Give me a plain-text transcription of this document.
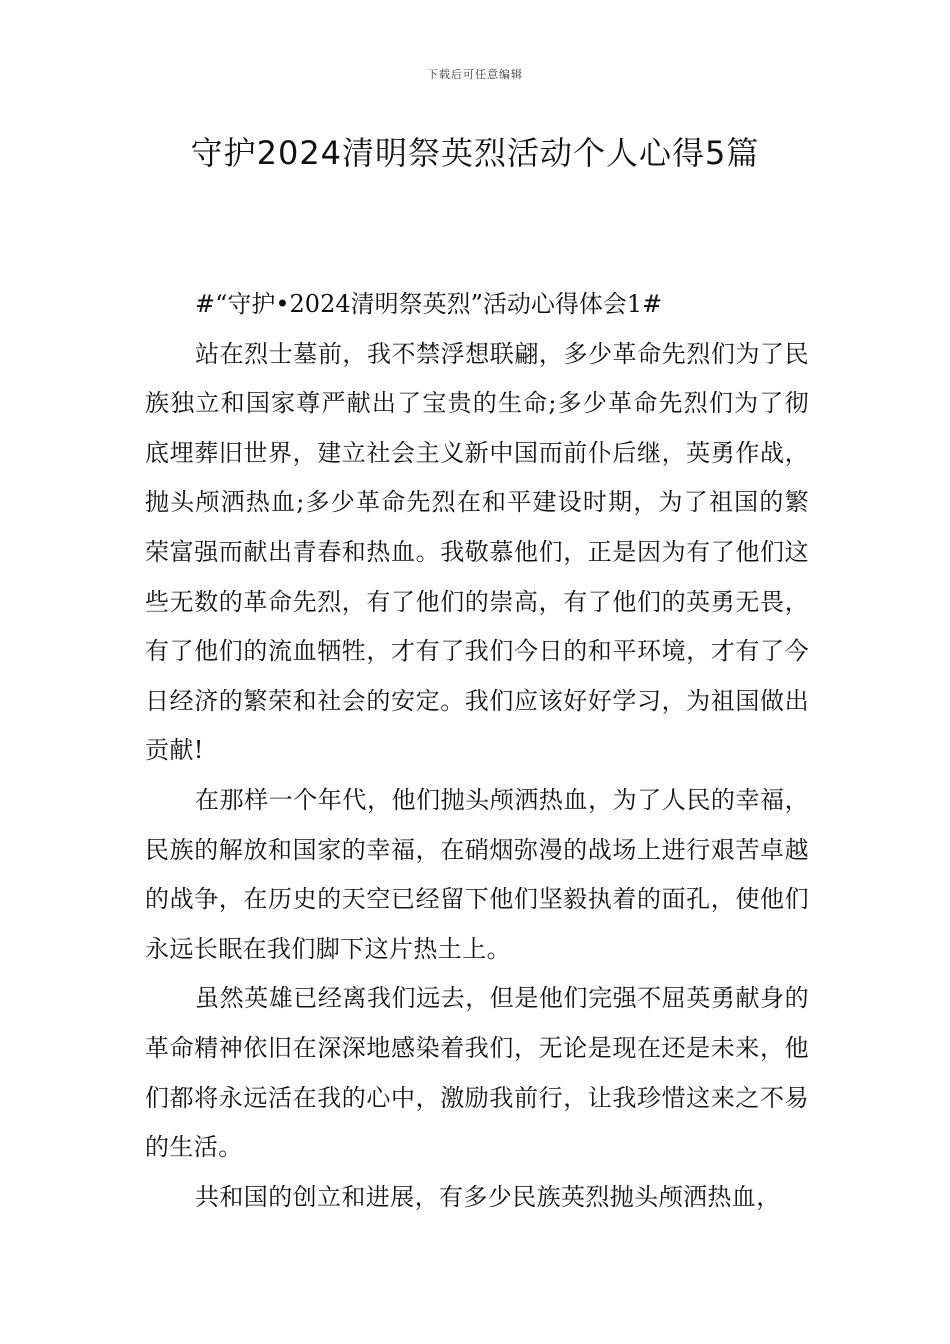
下载后可任意编辑
守护2024清明祭英烈活动个人心得5篇

#“守护•2024清明祭英烈”活动心得体会1#

站在烈士墓前，我不禁浮想联翩，多少革命先烈们为了民族独立和国家尊严献出了宝贵的生命;多少革命先烈们为了彻底埋葬旧世界，建立社会主义新中国而前仆后继，英勇作战，抛头颅洒热血;多少革命先烈在和平建设时期，为了祖国的繁荣富强而献出青春和热血。我敬慕他们，正是因为有了他们这些无数的革命先烈，有了他们的崇高，有了他们的英勇无畏，有了他们的流血牺牲，才有了我们今日的和平环境，才有了今日经济的繁荣和社会的安定。我们应该好好学习，为祖国做出贡献!

在那样一个年代，他们抛头颅洒热血，为了人民的幸福，民族的解放和国家的幸福，在硝烟弥漫的战场上进行艰苦卓越的战争，在历史的天空已经留下他们坚毅执着的面孔，使他们永远长眠在我们脚下这片热土上。

虽然英雄已经离我们远去，但是他们完强不屈英勇献身的革命精神依旧在深深地感染着我们，无论是现在还是未来，他们都将永远活在我的心中，激励我前行，让我珍惜这来之不易的生活。

共和国的创立和进展，有多少民族英烈抛头颅洒热血，
